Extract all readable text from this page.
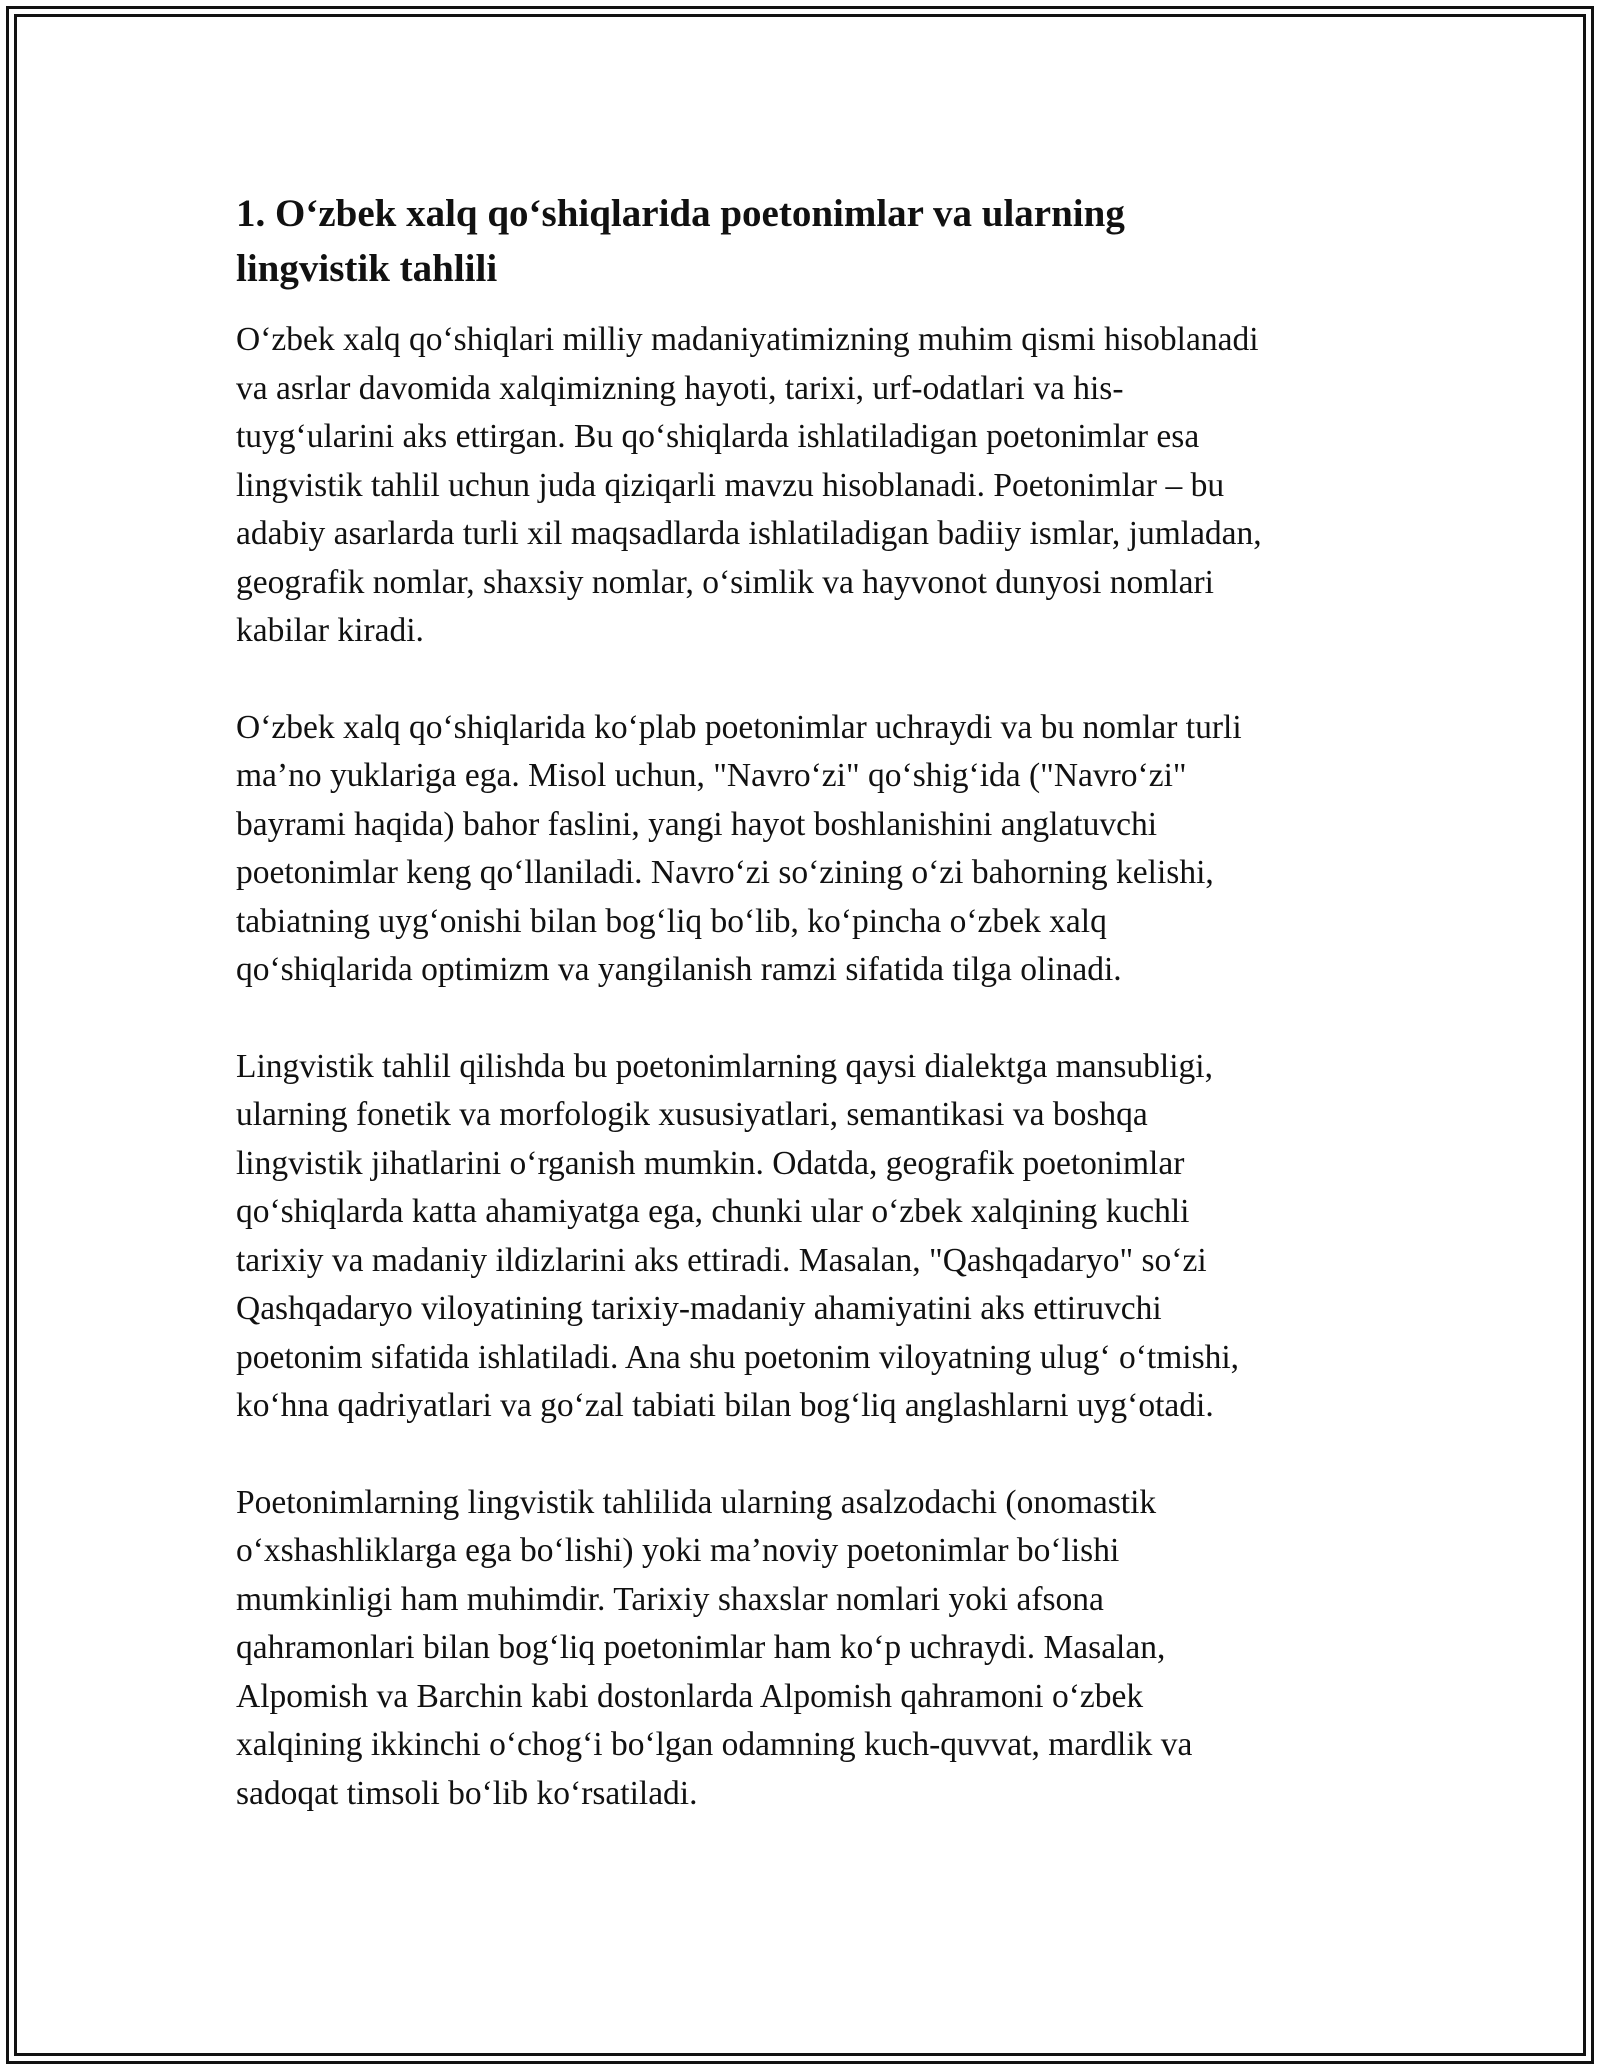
1. O‘zbek xalq qo‘shiqlarida poetonimlar va ularning
lingvistik tahlili

O‘zbek xalq qo‘shiqlari milliy madaniyatimizning muhim qismi hisoblanadi
va asrlar davomida xalqimizning hayoti, tarixi, urf-odatlari va his-
tuyg‘ularini aks ettirgan. Bu qo‘shiqlarda ishlatiladigan poetonimlar esa
lingvistik tahlil uchun juda qiziqarli mavzu hisoblanadi. Poetonimlar – bu
adabiy asarlarda turli xil maqsadlarda ishlatiladigan badiiy ismlar, jumladan,
geografik nomlar, shaxsiy nomlar, o‘simlik va hayvonot dunyosi nomlari
kabilar kiradi.

O‘zbek xalq qo‘shiqlarida ko‘plab poetonimlar uchraydi va bu nomlar turli
ma’no yuklariga ega. Misol uchun, "Navro‘zi" qo‘shig‘ida ("Navro‘zi"
bayrami haqida) bahor faslini, yangi hayot boshlanishini anglatuvchi
poetonimlar keng qo‘llaniladi. Navro‘zi so‘zining o‘zi bahorning kelishi,
tabiatning uyg‘onishi bilan bog‘liq bo‘lib, ko‘pincha o‘zbek xalq
qo‘shiqlarida optimizm va yangilanish ramzi sifatida tilga olinadi.

Lingvistik tahlil qilishda bu poetonimlarning qaysi dialektga mansubligi,
ularning fonetik va morfologik xususiyatlari, semantikasi va boshqa
lingvistik jihatlarini o‘rganish mumkin. Odatda, geografik poetonimlar
qo‘shiqlarda katta ahamiyatga ega, chunki ular o‘zbek xalqining kuchli
tarixiy va madaniy ildizlarini aks ettiradi. Masalan, "Qashqadaryo" so‘zi
Qashqadaryo viloyatining tarixiy-madaniy ahamiyatini aks ettiruvchi
poetonim sifatida ishlatiladi. Ana shu poetonim viloyatning ulug‘ o‘tmishi,
ko‘hna qadriyatlari va go‘zal tabiati bilan bog‘liq anglashlarni uyg‘otadi.

Poetonimlarning lingvistik tahlilida ularning asalzodachi (onomastik
o‘xshashliklarga ega bo‘lishi) yoki ma’noviy poetonimlar bo‘lishi
mumkinligi ham muhimdir. Tarixiy shaxslar nomlari yoki afsona
qahramonlari bilan bog‘liq poetonimlar ham ko‘p uchraydi. Masalan,
Alpomish va Barchin kabi dostonlarda Alpomish qahramoni o‘zbek
xalqining ikkinchi o‘chog‘i bo‘lgan odamning kuch-quvvat, mardlik va
sadoqat timsoli bo‘lib ko‘rsatiladi.
